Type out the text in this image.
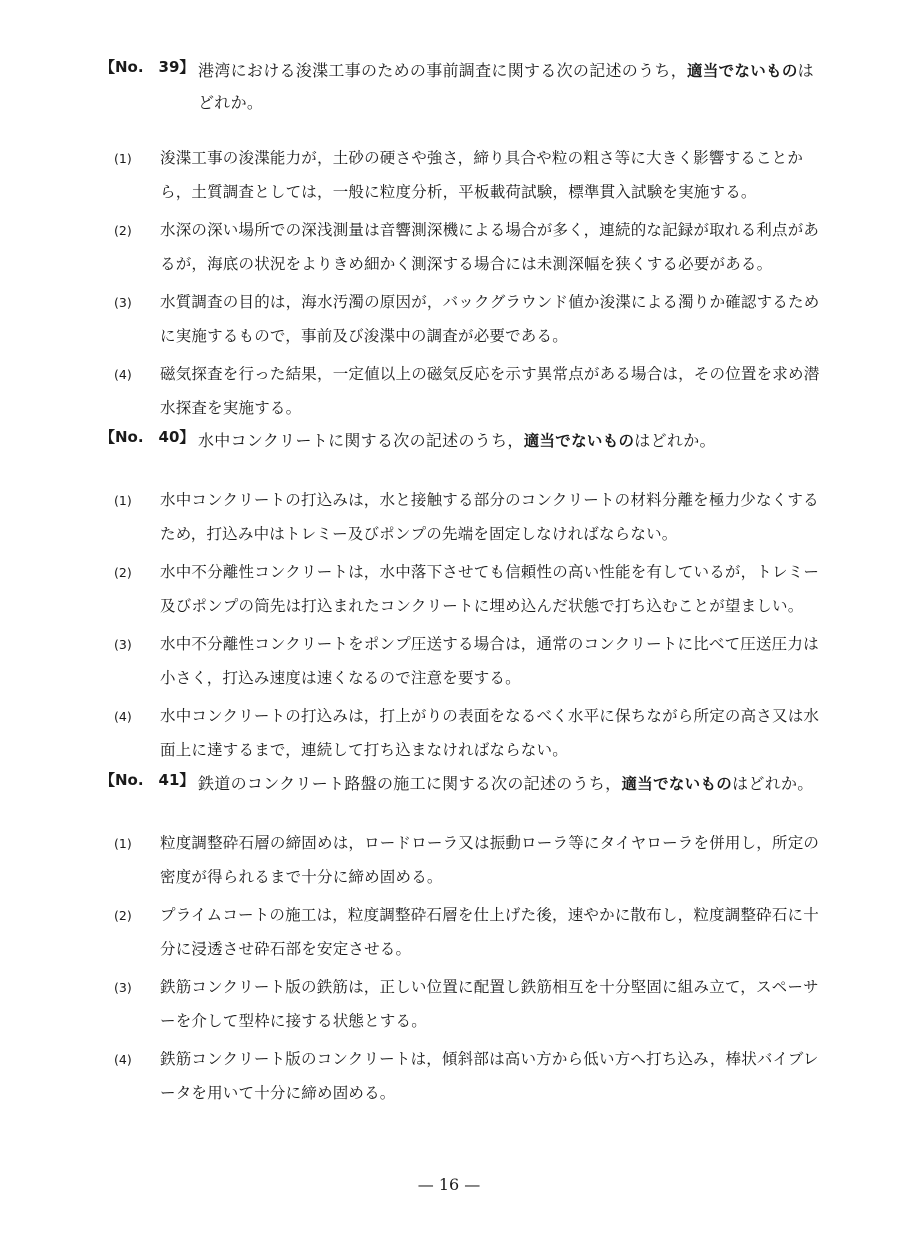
【No.　39】 港湾における浚渫工事のための事前調査に関する次の記述のうち，適当でないものはどれか。
(1)	浚渫工事の浚渫能力が，土砂の硬さや強さ，締り具合や粒の粗さ等に大きく影響することから，土質調査としては，一般に粒度分析，平板載荷試験，標準貫入試験を実施する。
(2)	水深の深い場所での深浅測量は音響測深機による場合が多く，連続的な記録が取れる利点があるが，海底の状況をよりきめ細かく測深する場合には未測深幅を狭くする必要がある。
(3)	水質調査の目的は，海水汚濁の原因が，バックグラウンド値か浚渫による濁りか確認するために実施するもので，事前及び浚渫中の調査が必要である。
(4)	磁気探査を行った結果，一定値以上の磁気反応を示す異常点がある場合は，その位置を求め潜水探査を実施する。
【No.　40】 水中コンクリートに関する次の記述のうち，適当でないものはどれか。
(1)	水中コンクリートの打込みは，水と接触する部分のコンクリートの材料分離を極力少なくするため，打込み中はトレミー及びポンプの先端を固定しなければならない。
(2)	水中不分離性コンクリートは，水中落下させても信頼性の高い性能を有しているが，トレミー及びポンプの筒先は打込まれたコンクリートに埋め込んだ状態で打ち込むことが望ましい。
(3)	水中不分離性コンクリートをポンプ圧送する場合は，通常のコンクリートに比べて圧送圧力は小さく，打込み速度は速くなるので注意を要する。
(4)	水中コンクリートの打込みは，打上がりの表面をなるべく水平に保ちながら所定の高さ又は水面上に達するまで，連続して打ち込まなければならない。
【No.　41】 鉄道のコンクリート路盤の施工に関する次の記述のうち，適当でないものはどれか。
(1)	粒度調整砕石層の締固めは，ロードローラ又は振動ローラ等にタイヤローラを併用し，所定の密度が得られるまで十分に締め固める。
(2)	プライムコートの施工は，粒度調整砕石層を仕上げた後，速やかに散布し，粒度調整砕石に十分に浸透させ砕石部を安定させる。
(3)	鉄筋コンクリート版の鉄筋は，正しい位置に配置し鉄筋相互を十分堅固に組み立て，スペーサーを介して型枠に接する状態とする。
(4)	鉄筋コンクリート版のコンクリートは，傾斜部は高い方から低い方へ打ち込み，棒状バイブレータを用いて十分に締め固める。
— 16 —
